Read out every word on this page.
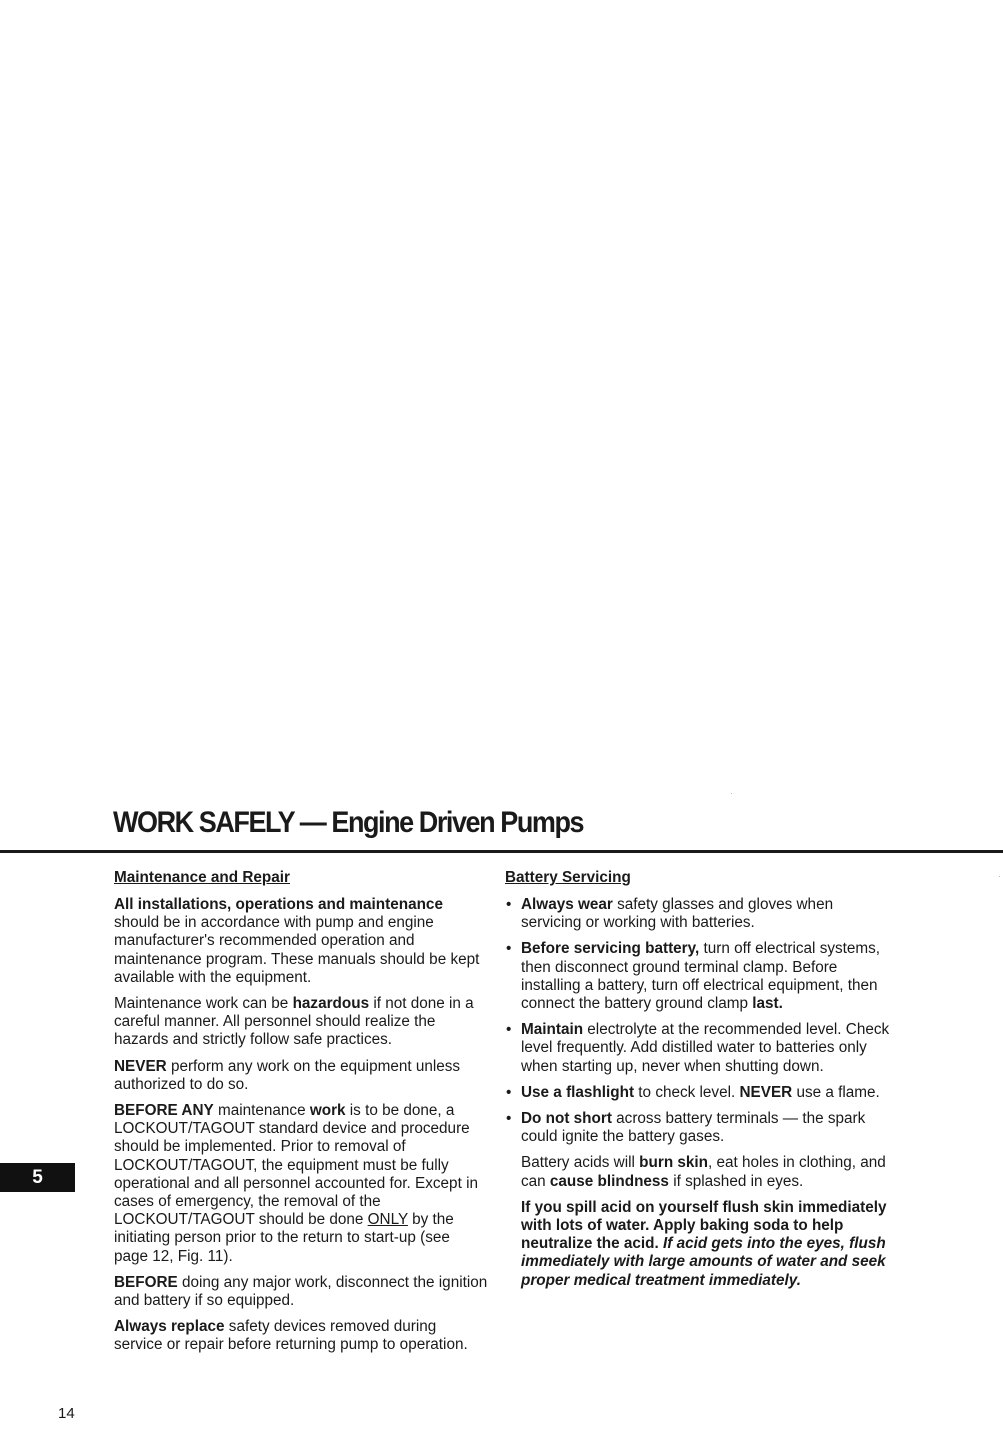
WORK SAFELY — Engine Driven Pumps
Maintenance and Repair

All installations, operations and maintenance should be in accordance with pump and engine manufacturer's recommended operation and maintenance program. These manuals should be kept available with the equipment.

Maintenance work can be hazardous if not done in a careful manner. All personnel should realize the hazards and strictly follow safe practices.

NEVER perform any work on the equipment unless authorized to do so.

BEFORE ANY maintenance work is to be done, a LOCKOUT/TAGOUT standard device and procedure should be implemented. Prior to removal of LOCKOUT/TAGOUT, the equipment must be fully operational and all personnel accounted for. Except in cases of emergency, the removal of the LOCKOUT/TAGOUT should be done ONLY by the initiating person prior to the return to start-up (see page 12, Fig. 11).

BEFORE doing any major work, disconnect the ignition and battery if so equipped.

Always replace safety devices removed during service or repair before returning pump to operation.

Battery Servicing
• Always wear safety glasses and gloves when servicing or working with batteries.
• Before servicing battery, turn off electrical systems, then disconnect ground terminal clamp. Before installing a battery, turn off electrical equipment, then connect the battery ground clamp last.
• Maintain electrolyte at the recommended level. Check level frequently. Add distilled water to batteries only when starting up, never when shutting down.
• Use a flashlight to check level. NEVER use a flame.
• Do not short across battery terminals — the spark could ignite the battery gases.

Battery acids will burn skin, eat holes in clothing, and can cause blindness if splashed in eyes.

If you spill acid on yourself flush skin immediately with lots of water. Apply baking soda to help neutralize the acid. If acid gets into the eyes, flush immediately with large amounts of water and seek proper medical treatment immediately.

5
14
